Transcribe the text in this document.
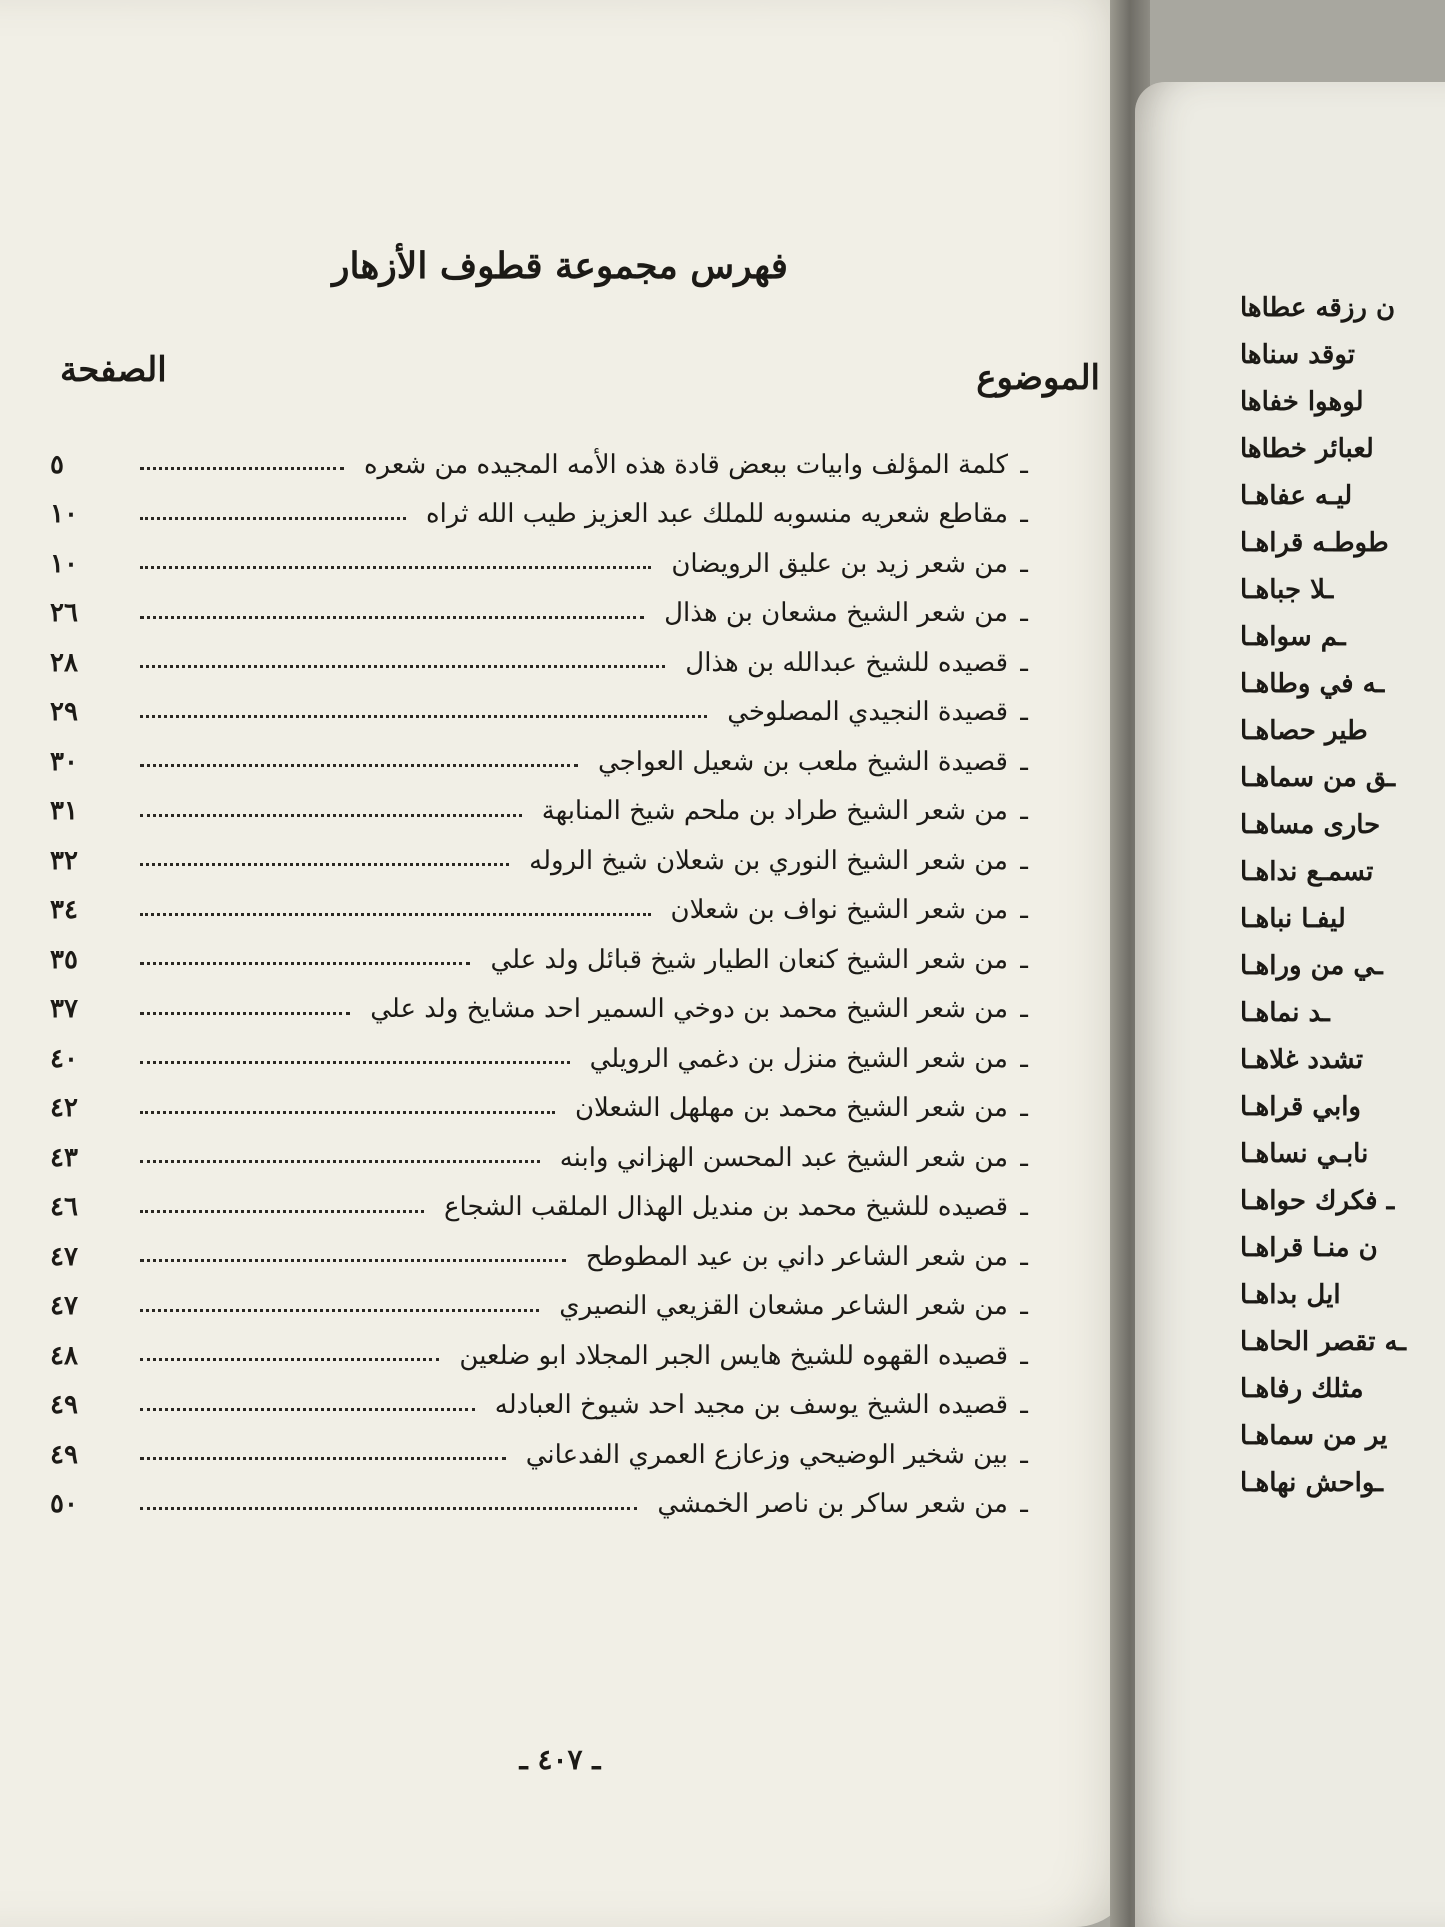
فهرس مجموعة قطوف الأزهار
الموضوع
الصفحة
ـ
كلمة المؤلف وابيات ببعض قادة هذه الأمه المجيده من شعره
٥
ـ
مقاطع شعريه منسوبه للملك عبد العزيز طيب الله ثراه
١٠
ـ
من شعر زيد بن عليق الرويضان
١٠
ـ
من شعر الشيخ مشعان بن هذال
٢٦
ـ
قصيده للشيخ عبدالله بن هذال
٢٨
ـ
قصيدة النجيدي المصلوخي
٢٩
ـ
قصيدة الشيخ ملعب بن شعيل العواجي
٣٠
ـ
من شعر الشيخ طراد بن ملحم شيخ المنابهة
٣١
ـ
من شعر الشيخ النوري بن شعلان شيخ الروله
٣٢
ـ
من شعر الشيخ نواف بن شعلان
٣٤
ـ
من شعر الشيخ كنعان الطيار شيخ قبائل ولد علي
٣٥
ـ
من شعر الشيخ محمد بن دوخي السمير احد مشايخ ولد علي
٣٧
ـ
من شعر الشيخ منزل بن دغمي الرويلي
٤٠
ـ
من شعر الشيخ محمد بن مهلهل الشعلان
٤٢
ـ
من شعر الشيخ عبد المحسن الهزاني وابنه
٤٣
ـ
قصيده للشيخ محمد بن منديل الهذال الملقب الشجاع
٤٦
ـ
من شعر الشاعر داني بن عيد المطوطح
٤٧
ـ
من شعر الشاعر مشعان القزيعي النصيري
٤٧
ـ
قصيده القهوه للشيخ هايس الجبر المجلاد ابو ضلعين
٤٨
ـ
قصيده الشيخ يوسف بن مجيد احد شيوخ العبادله
٤٩
ـ
بين شخير الوضيحي وزعازع العمري الفدعاني
٤٩
ـ
من شعر ساكر بن ناصر الخمشي
٥٠
ـ ٤٠٧ ـ
ن رزقه عطاها
توقد سناها
لوهوا خفاها
لعبائر خطاها
ليـه عفاهـا
طوطـه قراهـا
ـلا جباهـا
ـم سواهـا
ـه في وطاهـا
طير حصاهـا
ـق من سماهـا
حارى مساهـا
تسمـع نداهـا
ليفـا نباهـا
ـي من وراهـا
ـد نماهـا
تشدد غلاهـا
وابي قراهـا
نابـي نساهـا
ـ فكرك حواهـا
ن منـا قراهـا
ايل بداهـا
ـه تقصر الحاهـا
مثلك رفاهـا
ير من سماهـا
ـواحش نهاهـا
